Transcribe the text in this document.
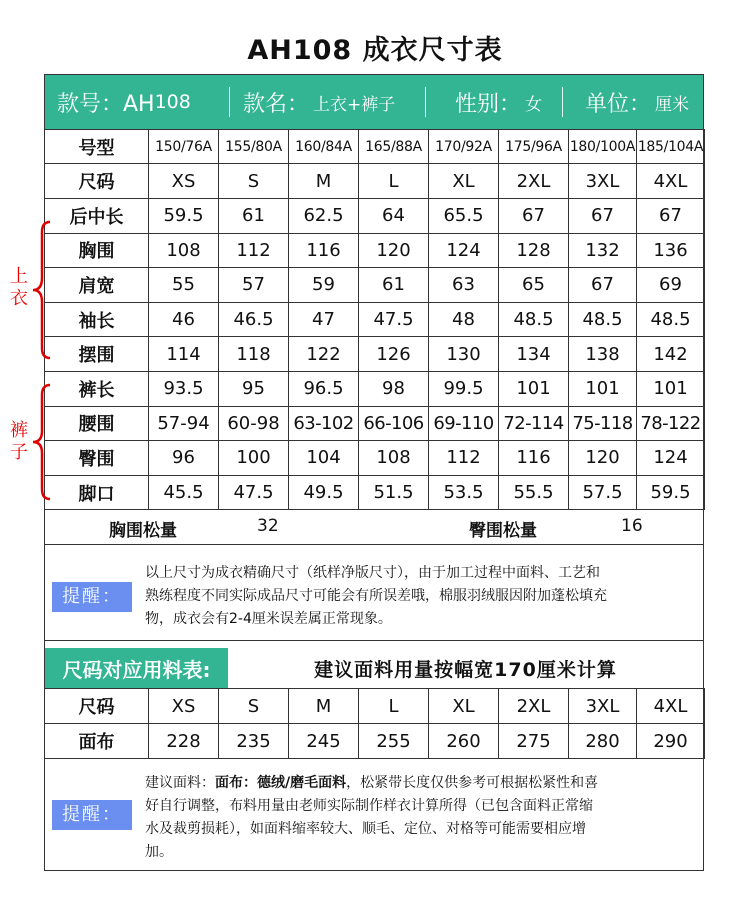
AH108 成衣尺寸表
款号：AH 108 款名： 上衣+裤子	性别： 女 单位： 厘米
号型	150/76A	155/80A	160/84A	165/88A	170/92A	175/96A	180/100A	185/104A
尺码	XS	S	M	L	XL	2XL	3XL	4XL
后中长	59.5	61	62.5	64	65.5	67	67	67
胸围	108	112	116	120	124	128	132	136
肩宽	55	57	59	61	63	65	67	69
袖长	46	46.5	47	47.5	48	48.5	48.5	48.5
摆围	114	118	122	126	130	134	138	142
裤长	93.5	95	96.5	98	99.5	101	101	101
腰围	57-94	60-98	63-102	66-106	69-110	72-114	75-118	78-122
臀围	96	100	104	108	112	116	120	124
脚口	45.5	47.5	49.5	51.5	53.5	55.5	57.5	59.5
上衣
裤子
胸围松量	32	臀围松量	16
提醒：
以上尺寸为成衣精确尺寸（纸样净版尺寸），由于加工过程中面料、工艺和
熟练程度不同实际成品尺寸可能会有所误差哦，棉服羽绒服因附加蓬松填充
物，成衣会有2-4厘米误差属正常现象。
尺码对应用料表:	建议面料用量按幅宽170厘米计算
尺码	XS	S	M	L	XL	2XL	3XL	4XL
面布	228	235	245	255	260	275	280	290
提醒：
建议面料：面布：德绒/磨毛面料，松紧带长度仅供参考可根据松紧性和喜
好自行调整，布料用量由老师实际制作样衣计算所得（已包含面料正常缩
水及裁剪损耗），如面料缩率较大、顺毛、定位、对格等可能需要相应增
加。
